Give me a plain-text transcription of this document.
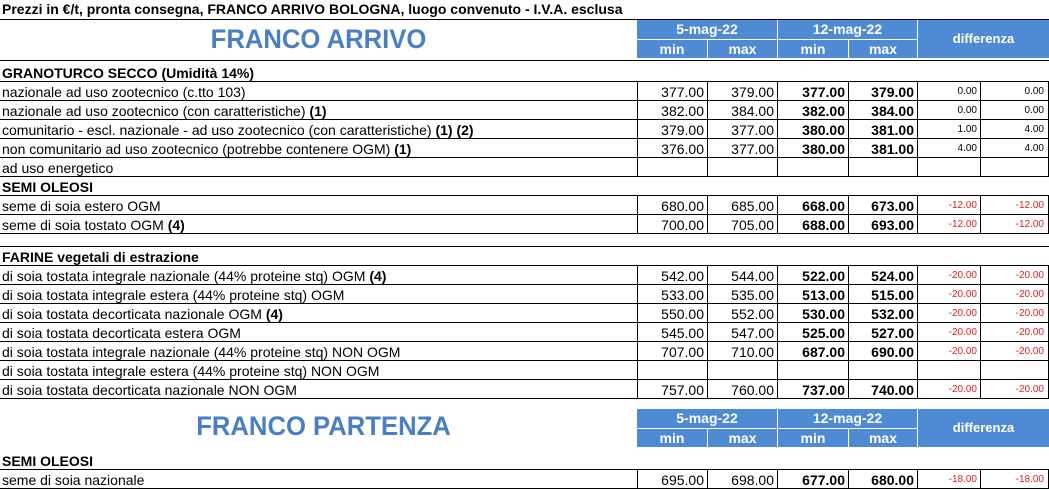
Prezzi in €/t, pronta consegna, FRANCO ARRIVO BOLOGNA, luogo convenuto - I.V.A. esclusa
FRANCO ARRIVO	5-mag-22	12-mag-22
min	max	min	max
differenza
GRANOTURCO SECCO (Umidità 14%)
nazionale ad uso zootecnico (c.tto 103)	377.00	379.00	377.00	379.00	0.00	0.00
nazionale ad uso zootecnico (con caratteristiche) (1)	382.00	384.00	382.00	384.00	0.00	0.00
comunitario - escl. nazionale - ad uso zootecnico (con caratteristiche) (1) (2)	379.00	377.00	380.00	381.00	1.00	4.00
non comunitario ad uso zootecnico (potrebbe contenere OGM) (1)	376.00	377.00	380.00	381.00	4.00	4.00
ad uso energetico
SEMI OLEOSI
seme di soia estero OGM	680.00	685.00	668.00	673.00	-12.00	-12.00
seme di soia tostato OGM (4)	700.00	705.00	688.00	693.00	-12.00	-12.00
FARINE vegetali di estrazione
di soia tostata integrale nazionale (44% proteine stq) OGM (4)	542.00	544.00	522.00	524.00	-20.00	-20.00
di soia tostata integrale estera (44% proteine stq) OGM	533.00	535.00	513.00	515.00	-20.00	-20.00
di soia tostata decorticata nazionale OGM (4)	550.00	552.00	530.00	532.00	-20.00	-20.00
di soia tostata decorticata estera OGM	545.00	547.00	525.00	527.00	-20.00	-20.00
di soia tostata integrale nazionale (44% proteine stq) NON OGM	707.00	710.00	687.00	690.00	-20.00	-20.00
di soia tostata integrale estera (44% proteine stq) NON OGM
di soia tostata decorticata nazionale NON OGM	757.00	760.00	737.00	740.00	-20.00	-20.00
FRANCO PARTENZA	5-mag-22	12-mag-22
min	max	min	max
differenza
SEMI OLEOSI
seme di soia nazionale	695.00	698.00	677.00	680.00	-18.00	-18.00
